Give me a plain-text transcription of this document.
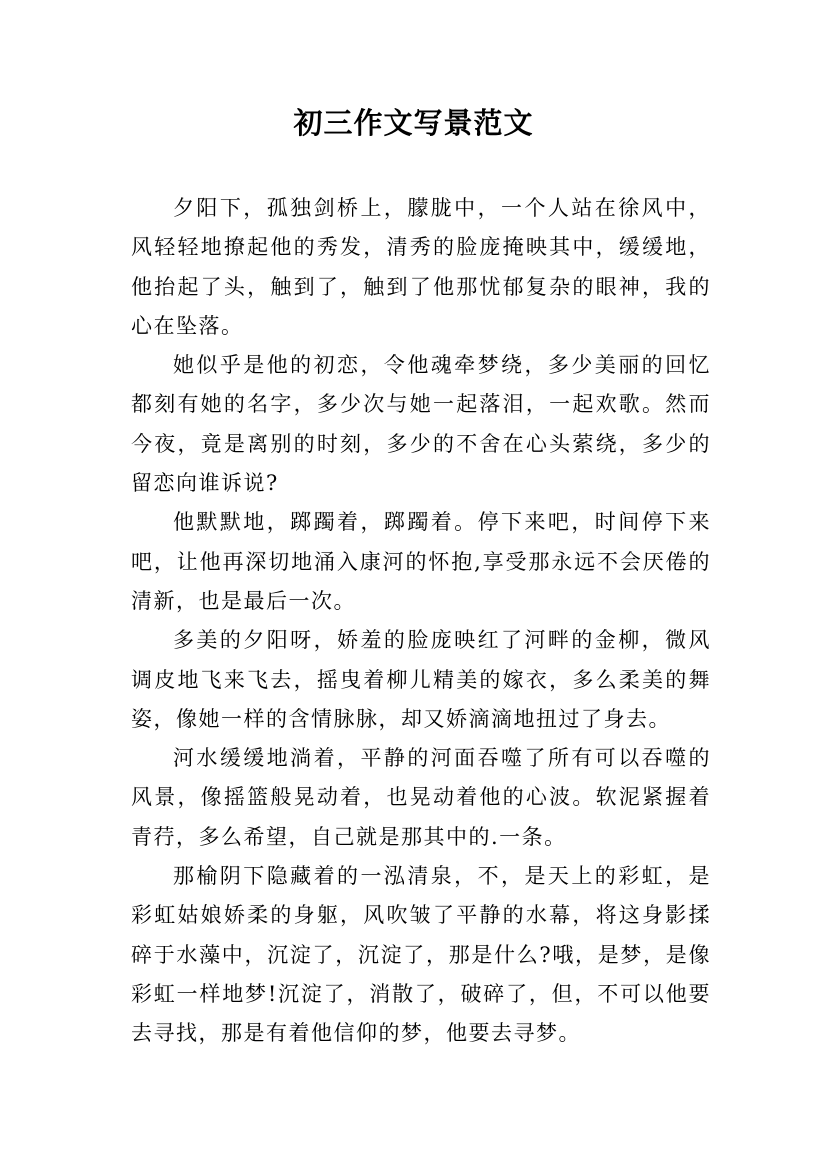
初三作文写景范文

夕阳下，孤独剑桥上，朦胧中，一个人站在徐风中，风轻轻地撩起他的秀发，清秀的脸庞掩映其中，缓缓地，他抬起了头，触到了，触到了他那忧郁复杂的眼神，我的心在坠落。

她似乎是他的初恋，令他魂牵梦绕，多少美丽的回忆都刻有她的名字，多少次与她一起落泪，一起欢歌。然而今夜，竟是离别的时刻，多少的不舍在心头萦绕，多少的留恋向谁诉说?

他默默地，踯躅着，踯躅着。停下来吧，时间停下来吧，让他再深切地涌入康河的怀抱,享受那永远不会厌倦的清新，也是最后一次。

多美的夕阳呀，娇羞的脸庞映红了河畔的金柳，微风调皮地飞来飞去，摇曳着柳儿精美的嫁衣，多么柔美的舞姿，像她一样的含情脉脉，却又娇滴滴地扭过了身去。

河水缓缓地淌着，平静的河面吞噬了所有可以吞噬的风景，像摇篮般晃动着，也晃动着他的心波。软泥紧握着青荇，多么希望，自己就是那其中的.一条。

那榆阴下隐藏着的一泓清泉，不，是天上的彩虹，是彩虹姑娘娇柔的身躯，风吹皱了平静的水幕，将这身影揉碎于水藻中，沉淀了，沉淀了，那是什么?哦，是梦，是像彩虹一样地梦!沉淀了，消散了，破碎了，但，不可以他要去寻找，那是有着他信仰的梦，他要去寻梦。
